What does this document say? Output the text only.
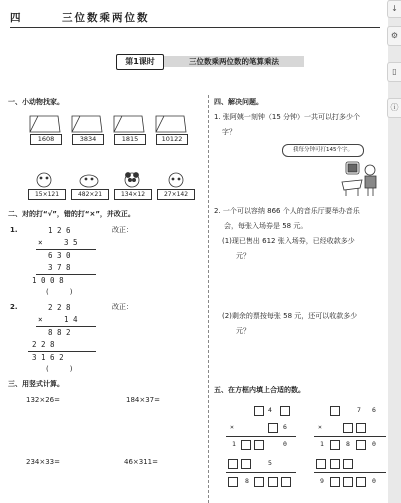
四	三位数乘两位数
第1课时	三位数乘两位数的笔算乘法
一、小动物找家。
1608	3834	1815	10122
15×121	482×21	134×12	27×142
二、对的打“√”，错的打“×”，并改正。
1.	1 2 6	改正：
×	3 5
6 3 0
3 7 8
1 0 0 8
(　　　)
2.	2 2 8	改正：
×	1 4
8 8 2
2 2 8
3 1 6 2
(　　　)
三、用竖式计算。
132×26=	184×37=
234×33=	46×311=
四、解决问题。
1. 张阿姨一刻钟（15 分钟）一共可以打多少个
字？
我每分钟可打145个字。
2. 一个可以容纳 866 个人的音乐厅要举办音乐
会，每张入场券是 58 元。
(1)现已售出 612 张入场券，已经收款多少
元？
(2)剩余的票按每张 58 元，还可以收款多少
元？
五、在方框内填上合适的数。
4
×	6
1	0
5
8
7 6
×
1	8	0
9	0
↓
⚙
▯
ⓘ
